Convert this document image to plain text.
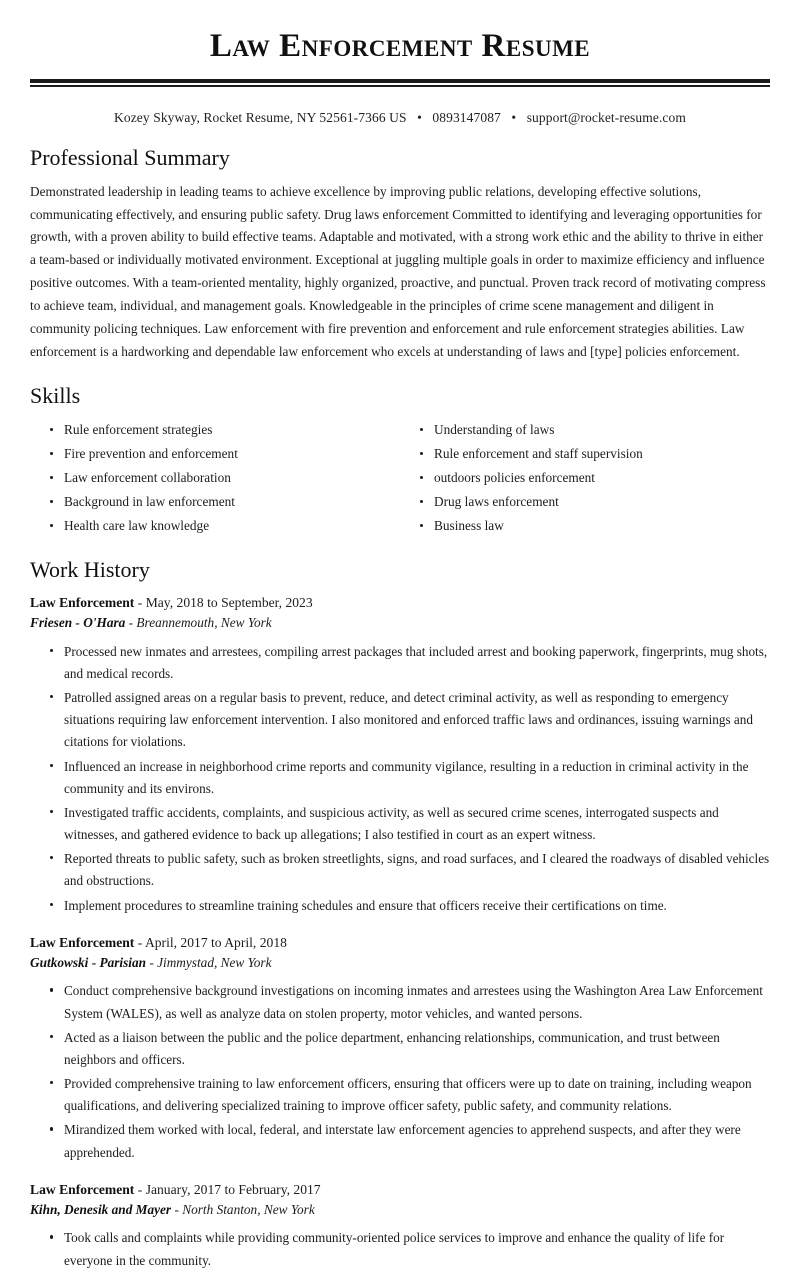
Law Enforcement Resume
Kozey Skyway, Rocket Resume, NY 52561-7366 US • 0893147087 • support@rocket-resume.com
Professional Summary

Demonstrated leadership in leading teams to achieve excellence by improving public relations, developing effective solutions, communicating effectively, and ensuring public safety. Drug laws enforcement Committed to identifying and leveraging opportunities for growth, with a proven ability to build effective teams. Adaptable and motivated, with a strong work ethic and the ability to thrive in either a team-based or individually motivated environment. Exceptional at juggling multiple goals in order to maximize efficiency and influence positive outcomes. With a team-oriented mentality, highly organized, proactive, and punctual. Proven track record of motivating compress to achieve team, individual, and management goals. Knowledgeable in the principles of crime scene management and diligent in community policing techniques. Law enforcement with fire prevention and enforcement and rule enforcement strategies abilities. Law enforcement is a hardworking and dependable law enforcement who excels at understanding of laws and [type] policies enforcement.

Skills
Rule enforcement strategies
Fire prevention and enforcement
Law enforcement collaboration
Background in law enforcement
Health care law knowledge
Understanding of laws
Rule enforcement and staff supervision
outdoors policies enforcement
Drug laws enforcement
Business law
Work History
Law Enforcement - May, 2018 to September, 2023
Friesen - O'Hara - Breannemouth, New York
Processed new inmates and arrestees, compiling arrest packages that included arrest and booking paperwork, fingerprints, mug shots, and medical records.
Patrolled assigned areas on a regular basis to prevent, reduce, and detect criminal activity, as well as responding to emergency situations requiring law enforcement intervention. I also monitored and enforced traffic laws and ordinances, issuing warnings and citations for violations.
Influenced an increase in neighborhood crime reports and community vigilance, resulting in a reduction in criminal activity in the community and its environs.
Investigated traffic accidents, complaints, and suspicious activity, as well as secured crime scenes, interrogated suspects and witnesses, and gathered evidence to back up allegations; I also testified in court as an expert witness.
Reported threats to public safety, such as broken streetlights, signs, and road surfaces, and I cleared the roadways of disabled vehicles and obstructions.
Implement procedures to streamline training schedules and ensure that officers receive their certifications on time.
Law Enforcement - April, 2017 to April, 2018
Gutkowski - Parisian - Jimmystad, New York
Conduct comprehensive background investigations on incoming inmates and arrestees using the Washington Area Law Enforcement System (WALES), as well as analyze data on stolen property, motor vehicles, and wanted persons.
Acted as a liaison between the public and the police department, enhancing relationships, communication, and trust between neighbors and officers.
Provided comprehensive training to law enforcement officers, ensuring that officers were up to date on training, including weapon qualifications, and delivering specialized training to improve officer safety, public safety, and community relations.
Mirandized them worked with local, federal, and interstate law enforcement agencies to apprehend suspects, and after they were apprehended.
Law Enforcement - January, 2017 to February, 2017
Kihn, Denesik and Mayer - North Stanton, New York
Took calls and complaints while providing community-oriented police services to improve and enhance the quality of life for everyone in the community.
